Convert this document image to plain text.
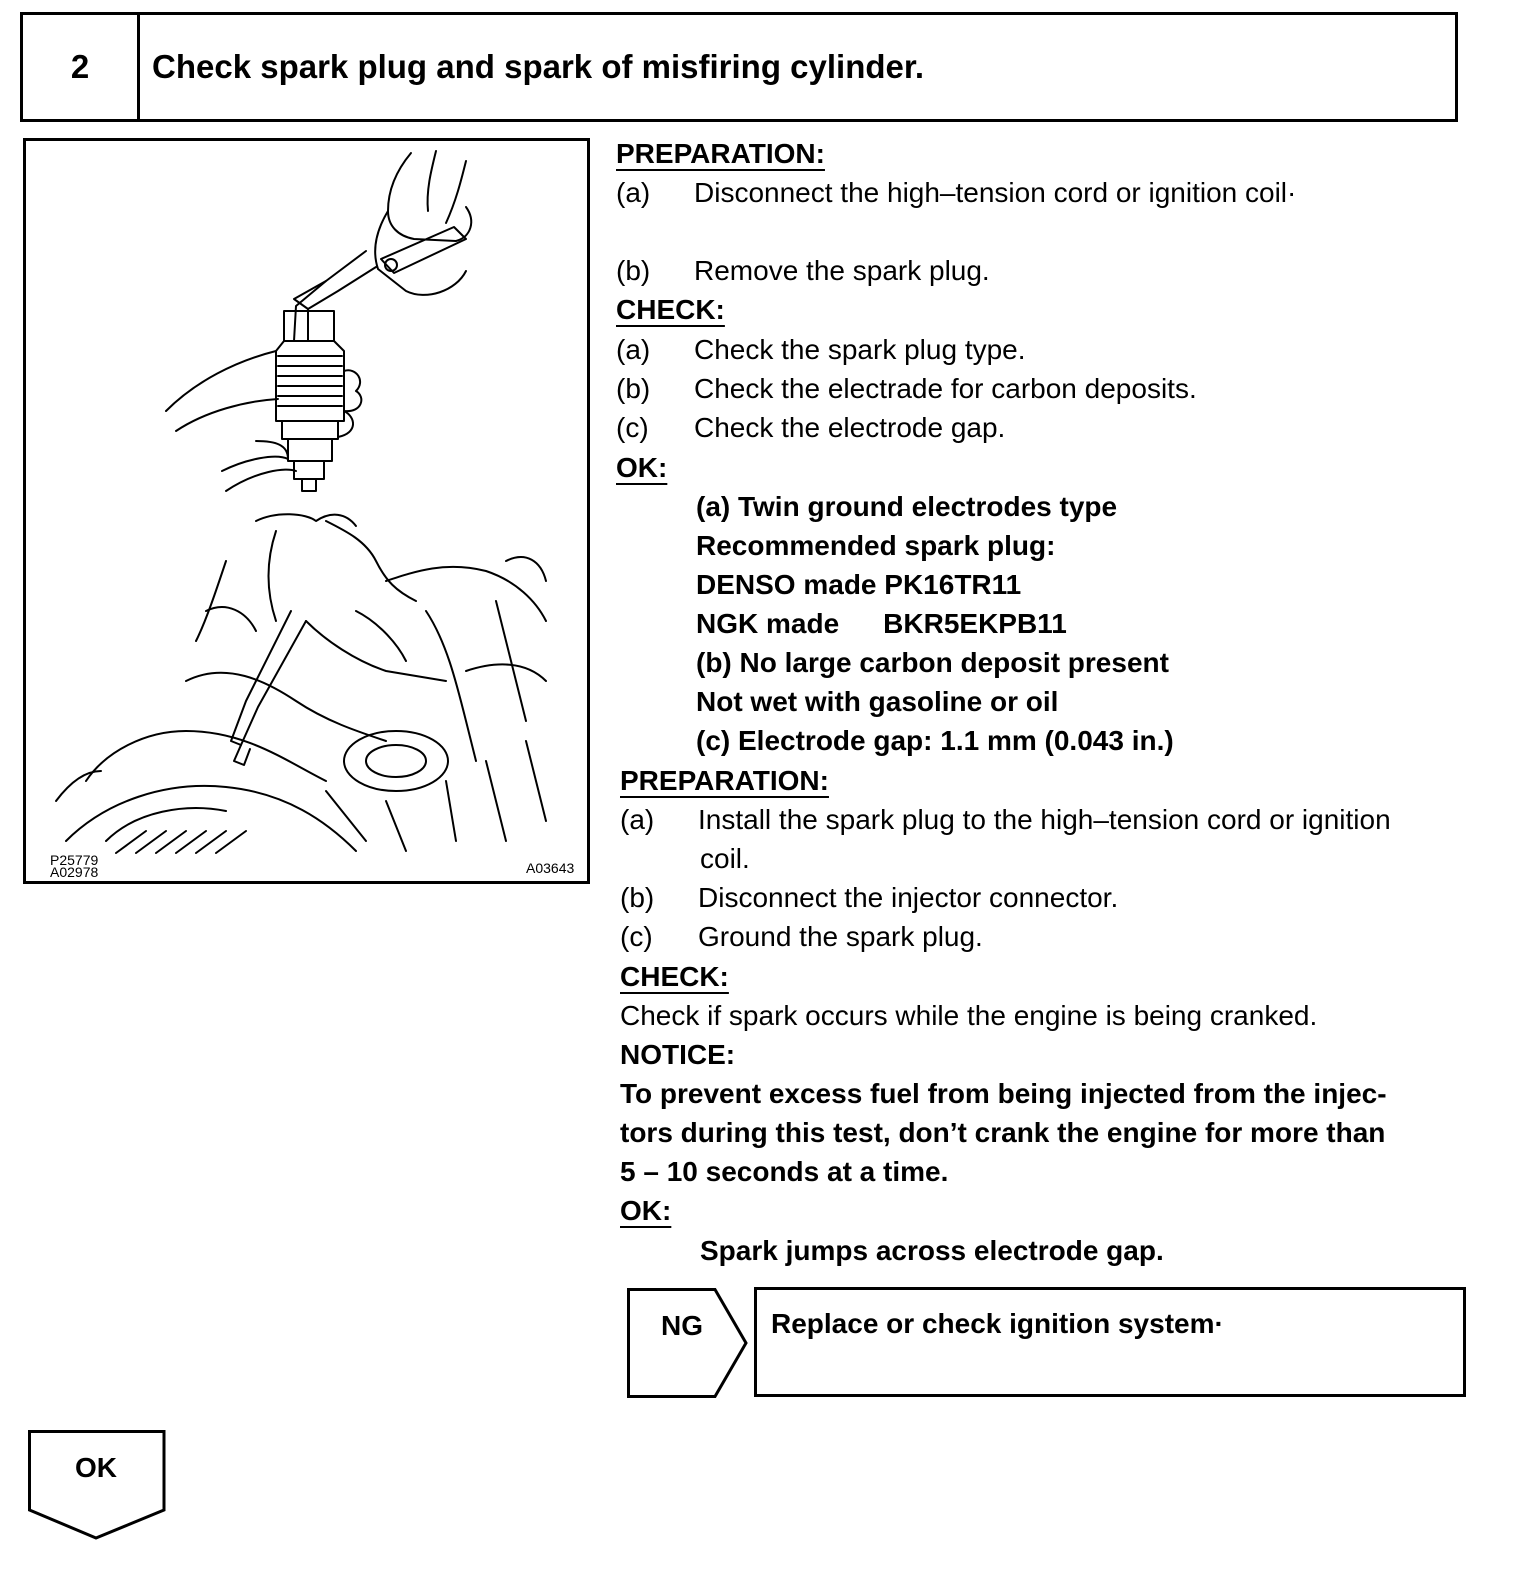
2	Check spark plug and spark of misfiring cylinder.
P25779
A02978	A03643
PREPARATION:
(a) Disconnect the high–tension cord or ignition coil·
(b) Remove the spark plug.
CHECK:
(a) Check the spark plug type.
(b) Check the electrade for carbon deposits.
(c) Check the electrode gap.
OK:
(a) Twin ground electrodes type
Recommended spark plug:
DENSO made PK16TR11
NGK made BKR5EKPB11
(b) No large carbon deposit present
Not wet with gasoline or oil
(c) Electrode gap: 1.1 mm (0.043 in.)
PREPARATION:
(a) Install the spark plug to the high–tension cord or ignition
coil.
(b) Disconnect the injector connector.
(c) Ground the spark plug.
CHECK:
Check if spark occurs while the engine is being cranked.
NOTICE:
To prevent excess fuel from being injected from the injec-
tors during this test, don’t crank the engine for more than
5 – 10 seconds at a time.
OK:
Spark jumps across electrode gap.
NG	Replace or check ignition system·
OK
